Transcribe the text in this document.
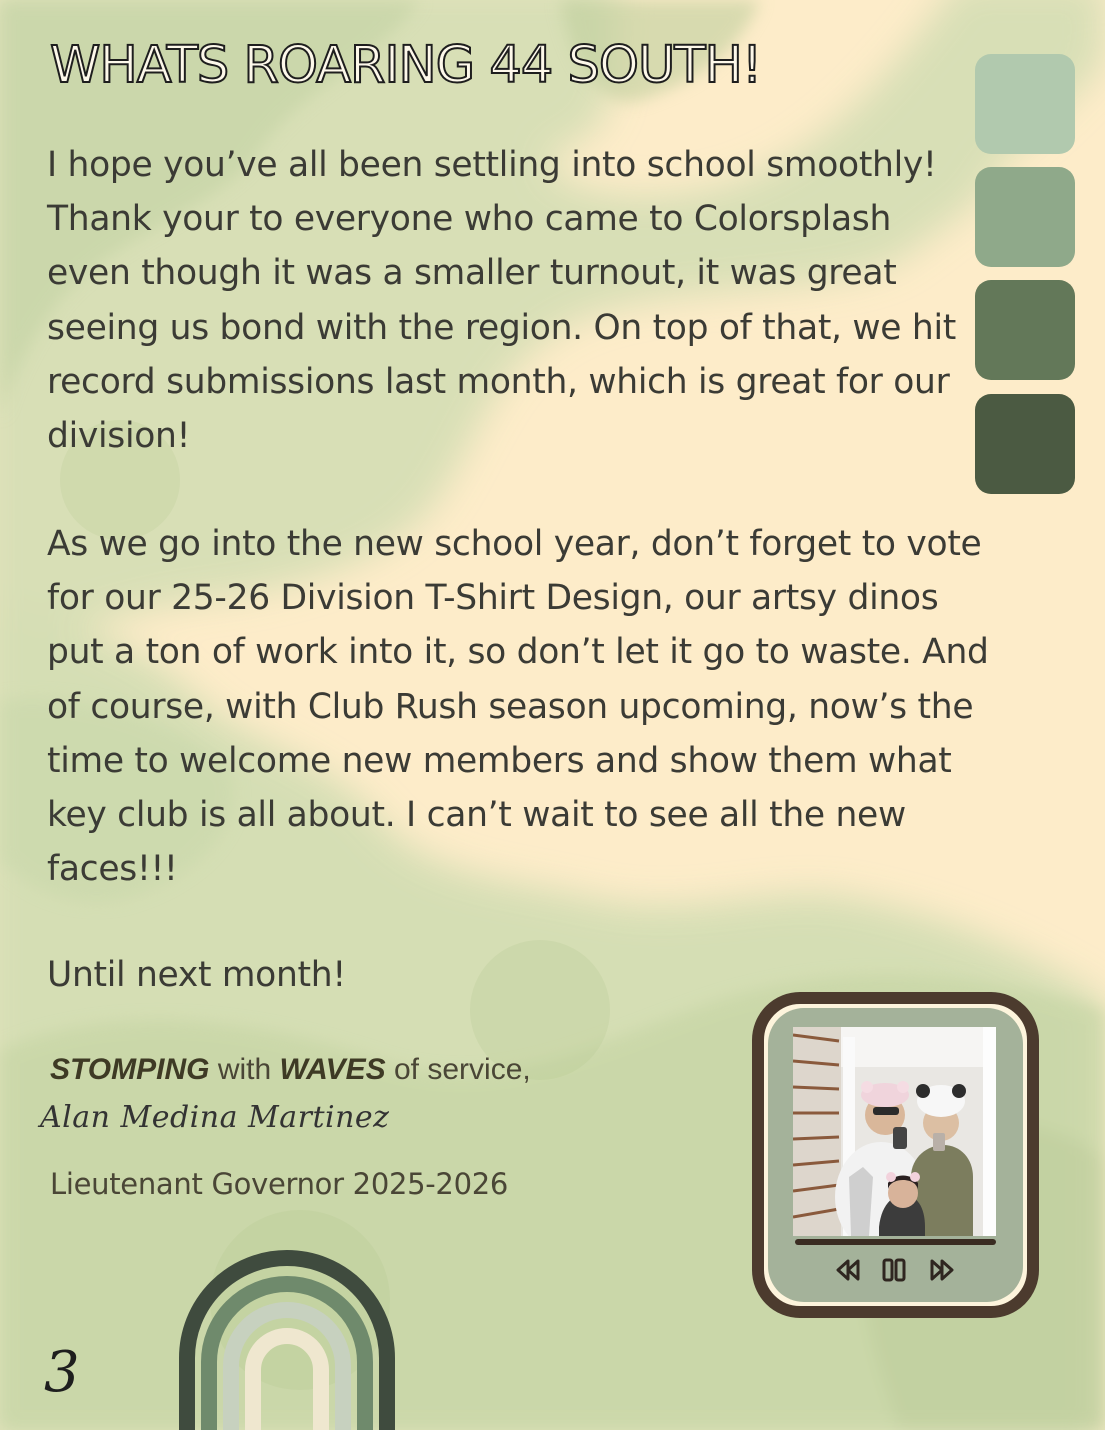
WHATS ROARING 44 SOUTH!

I hope you’ve all been settling into school smoothly! Thank your to everyone who came to Colorsplash even though it was a smaller turnout, it was great seeing us bond with the region. On top of that, we hit record submissions last month, which is great for our division!

As we go into the new school year, don’t forget to vote for our 25-26 Division T-Shirt Design, our artsy dinos put a ton of work into it, so don’t let it go to waste. And of course, with Club Rush season upcoming, now’s the time to welcome new members and show them what key club is all about. I can’t wait to see all the new faces!!!

Until next month!

STOMPING with WAVES of service,
Alan Medina Martinez
Lieutenant Governor 2025-2026
3
